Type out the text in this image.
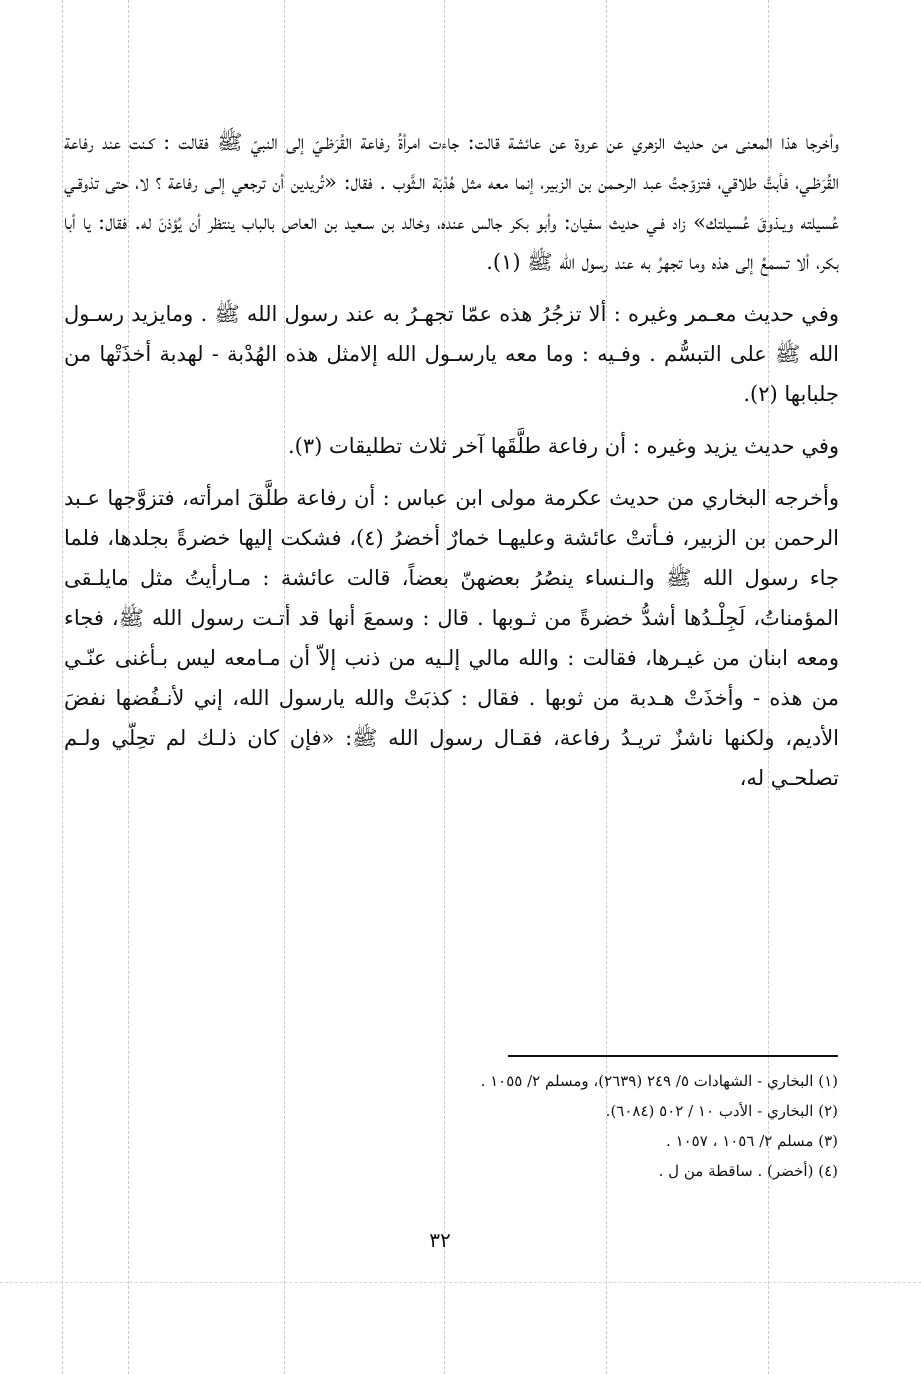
وأخرجا هذا المعنى من حديث الزهري عن عروة عن عائشة قالت: جاءت امرأةُ رفاعة القُرَظـيّ إلى النبيّ ﷺ فقالت : كـنت عند رفاعة القُرَظـي، فأبتَّ طلاقي، فتزوّجتُ عبد الرحـمن بن الزبير، إنما معه مثل هُدْبَة الـثَّوب . فقال: «تُريدين أن ترجعي إلـى رفاعة ؟ لا، حتى تذوقـي عُسيلته ويـذوقَ عُسيلتك» زاد فـي حديث سفيان: وأبو بكر جالس عنده، وخالد بن سـعيد بن العاص بالباب ينتظر أن يُؤذنَ له. فقال: يا أبا بكر، ألا تسمعُ إلى هذه وما تجهرُ به عند رسول الله ﷺ (١).

وفي حديث معـمر وغيره : ألا تزجُرُ هذه عمّا تجهـرُ به عند رسول الله ﷺ . ومايزيد رسـول الله ﷺ على التبسُّم . وفـيه : وما معه يارسـول الله إلامثل هذه الهُدْبة - لهدبة أخذَتْها من جلبابها (٢).

وفي حديث يزيد وغيره : أن رفاعة طلَّقَها آخر ثلاث تطليقات (٣).

وأخرجه البخاري من حديث عكرمة مولى ابن عباس : أن رفاعة طلَّقَ امرأته، فتزوَّجها عـبد الرحمن بن الزبير، فـأتتْ عائشة وعليهـا خمارٌ أخضرُ (٤)، فشكت إليها خضرةً بجلدها، فلما جاء رسول الله ﷺ والـنساء ينصُرُ بعضهنّ بعضاً، قالت عائشة : مـارأيتُ مثل مايلـقى المؤمناتُ، لَجِلْـدُها أشدُّ خضرةً من ثـوبها . قال : وسمعَ أنها قد أتـت رسول الله ﷺ، فجاء ومعه ابنان من غيـرها، فقالت : والله مالي إلـيه من ذنب إلاّ أن مـامعه ليس بـأغنى عنّـي من هذه - وأخذَتْ هـدبة من ثوبها . فقال : كذبَتْ والله يارسول الله، إني لأنـفُضها نفضَ الأديم، ولكنها ناشزٌ تريـدُ رفاعة، فقـال رسول الله ﷺ: «فإن كان ذلـك لم تحِلّي ولـم تصلحـي له،

(١) البخاري - الشهادات ٥/ ٢٤٩ (٢٦٣٩)، ومسلم ٢/ ١٠٥٥ .
(٢) البخاري - الأدب ١٠ / ٥٠٢ (٦٠٨٤).
(٣) مسلم ٢/ ١٠٥٦ ، ١٠٥٧ .
(٤) (أخضر) . ساقطة من ل .
٣٢
